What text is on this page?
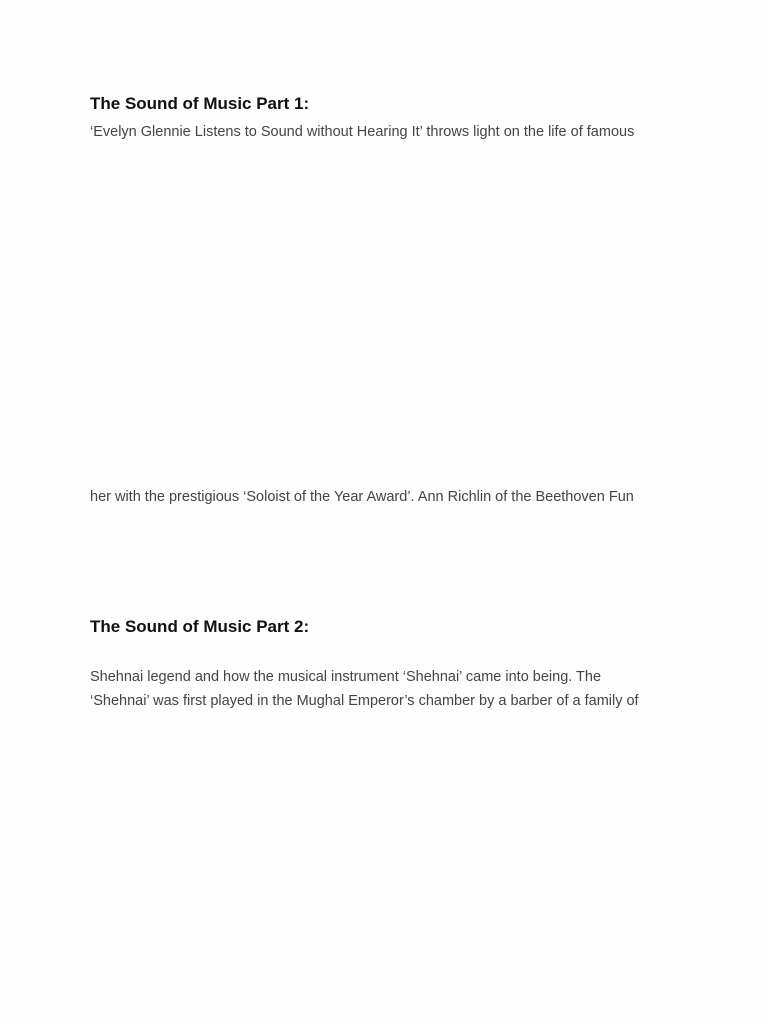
The Sound of Music Part 1:

‘Evelyn Glennie Listens to Sound without Hearing It’ throws light on the life of famous

her with the prestigious ‘Soloist of the Year Award’. Ann Richlin of the Beethoven Fun

The Sound of Music Part 2:

Shehnai legend and how the musical instrument ‘Shehnai’ came into being. The

‘Shehnai’ was first played in the Mughal Emperor’s chamber by a barber of a family of
